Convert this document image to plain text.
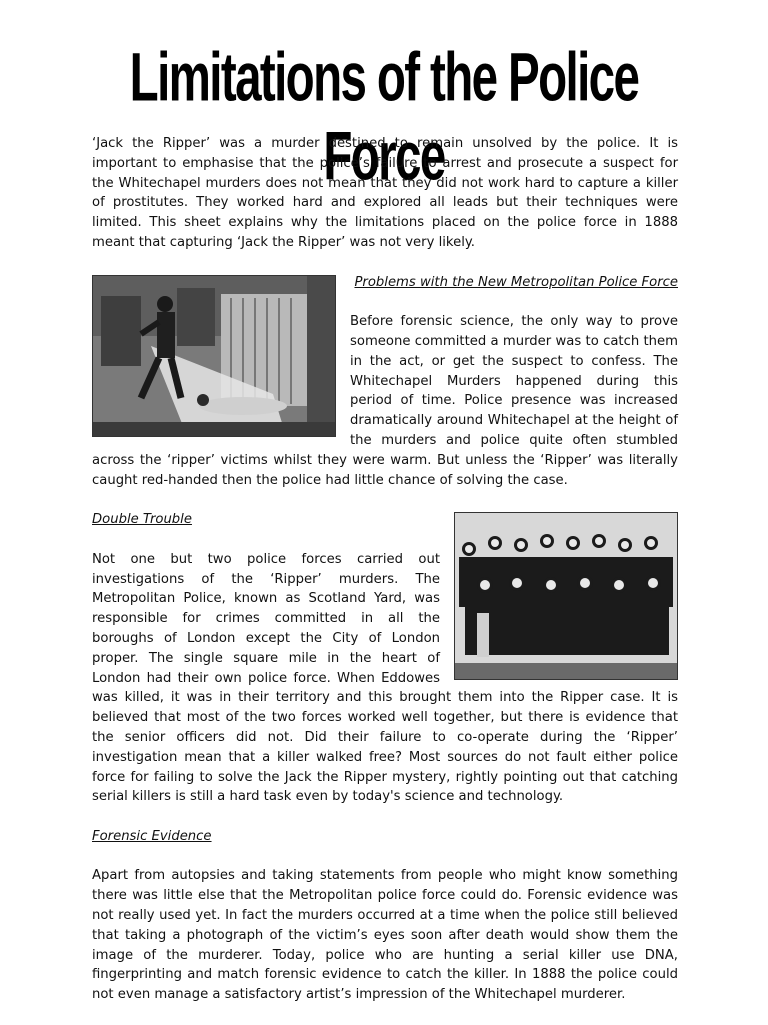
Limitations of the Police Force

‘Jack the Ripper’ was a murder destined to remain unsolved by the police. It is important to emphasise that the police’s failure to arrest and prosecute a suspect for the Whitechapel murders does not mean that they did not work hard to capture a killer of prostitutes. They worked hard and explored all leads but their techniques were limited. This sheet explains why the limitations placed on the police force in 1888 meant that capturing ‘Jack the Ripper’ was not very likely.

Problems with the New Metropolitan Police Force

Before forensic science, the only way to prove someone committed a murder was to catch them in the act, or get the suspect to confess. The Whitechapel Murders happened during this period of time. Police presence was increased dramatically around Whitechapel at the height of the murders and police quite often stumbled across the ‘ripper’ victims whilst they were warm. But unless the ‘Ripper’ was literally caught red-handed then the police had little chance of solving the case.

Double Trouble

Not one but two police forces carried out investigations of the ‘Ripper’ murders. The Metropolitan Police, known as Scotland Yard, was responsible for crimes committed in all the boroughs of London except the City of London proper. The single square mile in the heart of London had their own police force. When Eddowes was killed, it was in their territory and this brought them into the Ripper case. It is believed that most of the two forces worked well together, but there is evidence that the senior officers did not. Did their failure to co-operate during the ‘Ripper’ investigation mean that a killer walked free? Most sources do not fault either police force for failing to solve the Jack the Ripper mystery, rightly pointing out that catching serial killers is still a hard task even by today's science and technology.

Forensic Evidence

Apart from autopsies and taking statements from people who might know something there was little else that the Metropolitan police force could do. Forensic evidence was not really used yet. In fact the murders occurred at a time when the police still believed that taking a photograph of the victim’s eyes soon after death would show them the image of the murderer. Today, police who are hunting a serial killer use DNA, fingerprinting and match forensic evidence to catch the killer. In 1888 the police could not even manage a satisfactory artist’s impression of the Whitechapel murderer.
